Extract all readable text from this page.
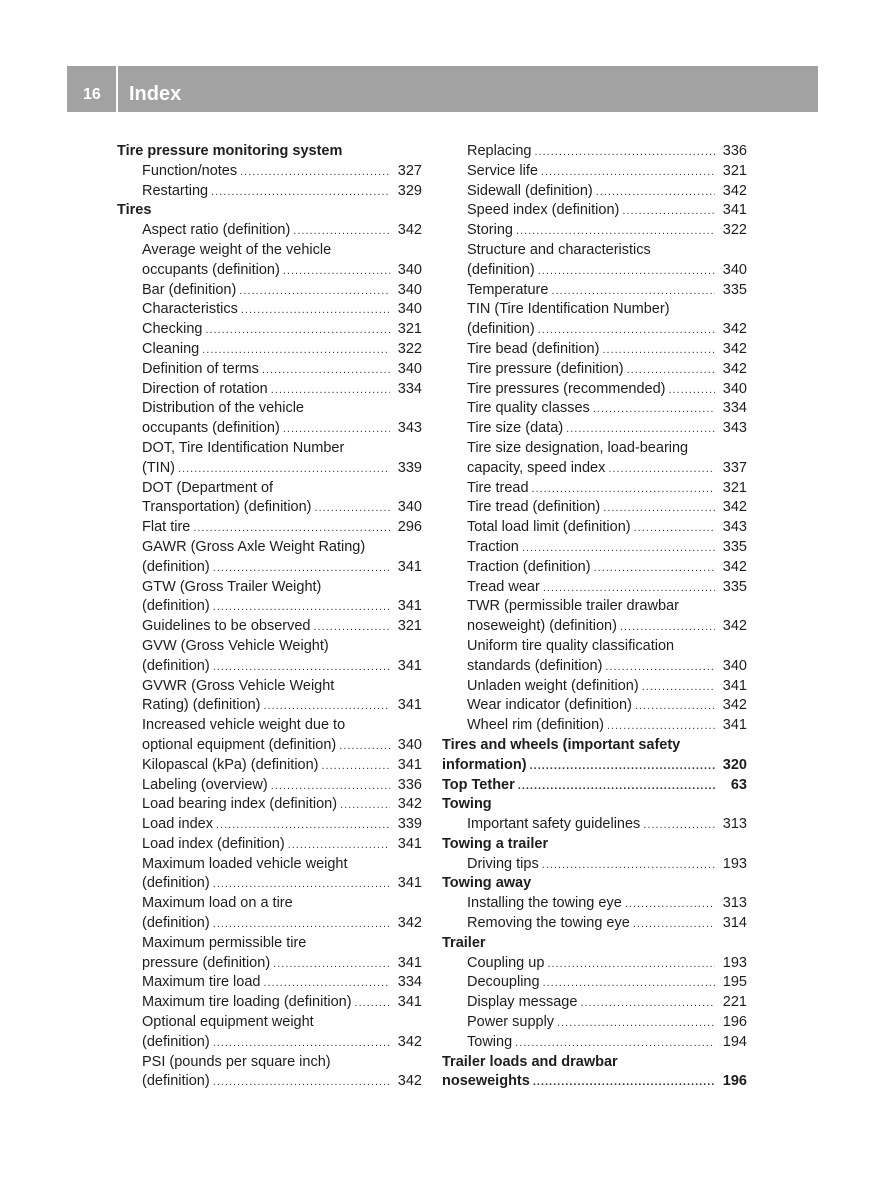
16	Index
Tire pressure monitoring system
Function/notes .....	327
Restarting .....	329
Tires
Aspect ratio (definition) .....	342
Average weight of the vehicle
occupants (definition) .....	340
Bar (definition) .....	340
Characteristics .....	340
Checking .....	321
Cleaning .....	322
Definition of terms .....	340
Direction of rotation .....	334
Distribution of the vehicle
occupants (definition) .....	343
DOT, Tire Identification Number
(TIN) .....	339
DOT (Department of
Transportation) (definition) .....	340
Flat tire .....	296
GAWR (Gross Axle Weight Rating)
(definition) .....	341
GTW (Gross Trailer Weight)
(definition) .....	341
Guidelines to be observed .....	321
GVW (Gross Vehicle Weight)
(definition) .....	341
GVWR (Gross Vehicle Weight
Rating) (definition) .....	341
Increased vehicle weight due to
optional equipment (definition) .....	340
Kilopascal (kPa) (definition) .....	341
Labeling (overview) .....	336
Load bearing index (definition) .....	342
Load index .....	339
Load index (definition) .....	341
Maximum loaded vehicle weight
(definition) .....	341
Maximum load on a tire
(definition) .....	342
Maximum permissible tire
pressure (definition) .....	341
Maximum tire load .....	334
Maximum tire loading (definition) .....	341
Optional equipment weight
(definition) .....	342
PSI (pounds per square inch)
(definition) .....	342
Replacing .....	336
Service life .....	321
Sidewall (definition) .....	342
Speed index (definition) .....	341
Storing .....	322
Structure and characteristics
(definition) .....	340
Temperature .....	335
TIN (Tire Identification Number)
(definition) .....	342
Tire bead (definition) .....	342
Tire pressure (definition) .....	342
Tire pressures (recommended) .....	340
Tire quality classes .....	334
Tire size (data) .....	343
Tire size designation, load-bearing
capacity, speed index .....	337
Tire tread .....	321
Tire tread (definition) .....	342
Total load limit (definition) .....	343
Traction .....	335
Traction (definition) .....	342
Tread wear .....	335
TWR (permissible trailer drawbar
noseweight) (definition) .....	342
Uniform tire quality classification
standards (definition) .....	340
Unladen weight (definition) .....	341
Wear indicator (definition) .....	342
Wheel rim (definition) .....	341
Tires and wheels (important safety
information) .....	320
Top Tether .....	63
Towing
Important safety guidelines .....	313
Towing a trailer
Driving tips .....	193
Towing away
Installing the towing eye .....	313
Removing the towing eye .....	314
Trailer
Coupling up .....	193
Decoupling .....	195
Display message .....	221
Power supply .....	196
Towing .....	194
Trailer loads and drawbar
noseweights .....	196
